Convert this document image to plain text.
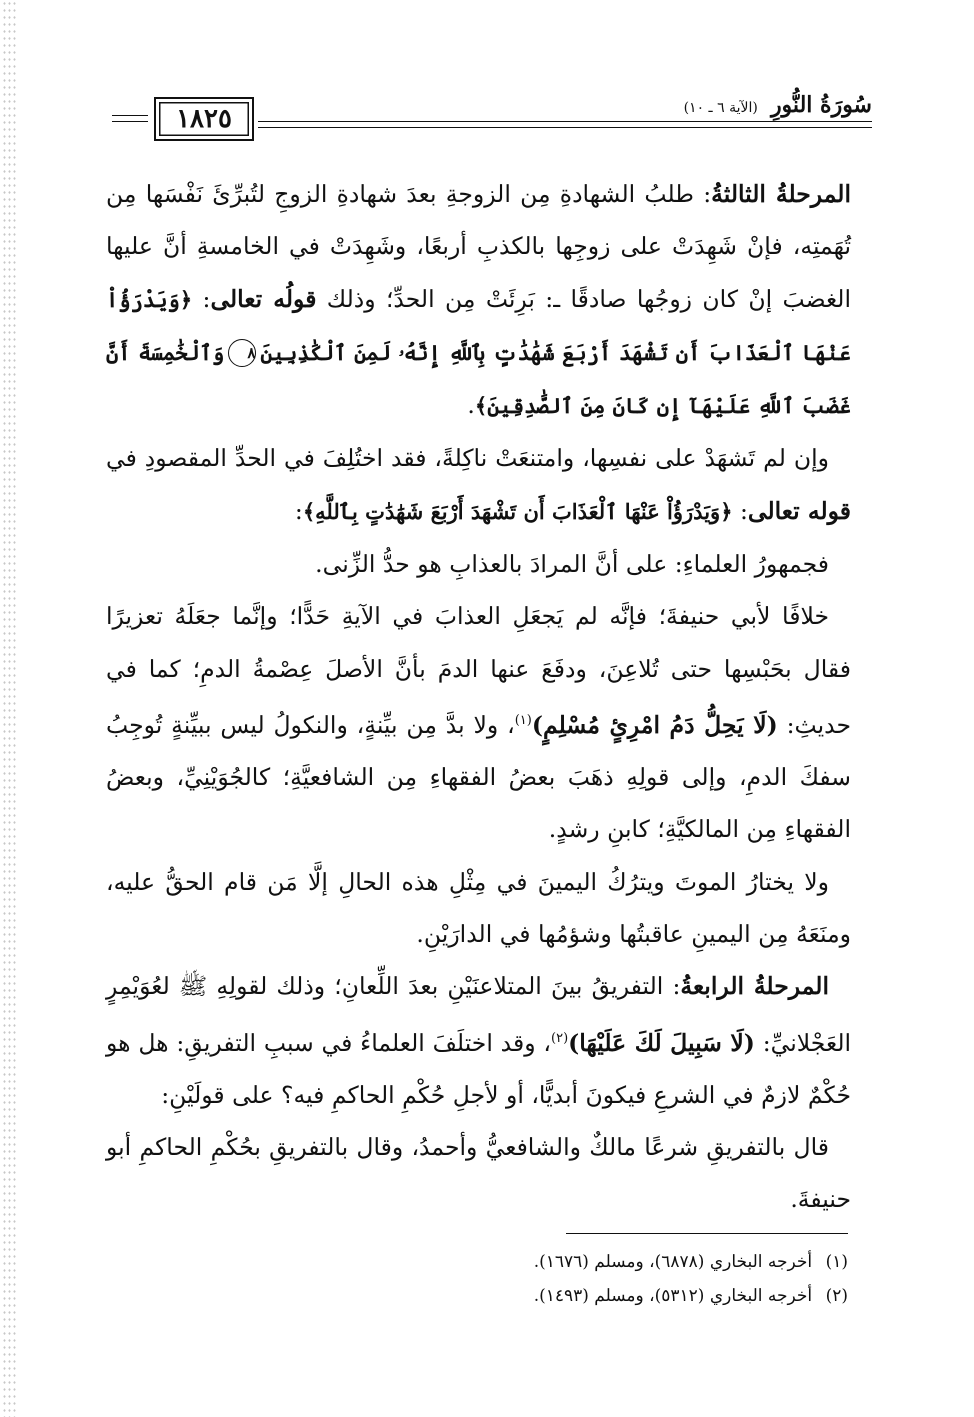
١٨٢٥	سُورَةُ النُّورِ (الآية ٦ ـ ١٠)

المرحلةُ الثالثةُ: طلبُ الشهادةِ مِن الزوجةِ بعدَ شهادةِ الزوجِ لتُبرِّئَ نَفْسَها مِن تُهَمتِه، فإنْ شَهِدَتْ على زوجِها بالكذبِ أربعًا، وشَهِدَتْ في الخامسةِ أنَّ عليها الغضبَ إنْ كان زوجُها صادقًا ـ: بَرِئَتْ مِن الحدِّ؛ وذلك قولُه تعالى: ﴿وَيَدْرَؤُاْ عَنْهَا ٱلْعَذَابَ أَن تَشْهَدَ أَرْبَعَ شَهَٰدَٰتٍ بِٱللَّهِ إِنَّهُۥ لَمِنَ ٱلْكَٰذِبِينَ٨وَٱلْخَٰمِسَةَ أَنَّ غَضَبَ ٱللَّهِ عَلَيْهَآ إِن كَانَ مِنَ ٱلصَّٰدِقِينَ﴾.

وإن لم تَشهَدْ على نفسِها، وامتنعَتْ ناكِلةً، فقد اختُلِفَ في الحدِّ المقصودِ في قوله تعالى: ﴿وَيَدْرَؤُاْ عَنْهَا ٱلْعَذَابَ أَن تَشْهَدَ أَرْبَعَ شَهَٰدَٰتٍ بِٱللَّهِ﴾:

فجمهورُ العلماءِ: على أنَّ المرادَ بالعذابِ هو حدُّ الزِّنى.

خلافًا لأبي حنيفةَ؛ فإنَّه لم يَجعَلِ العذابَ في الآيةِ حَدًّا؛ وإنَّما جعَلَهُ تعزيرًا فقال بحَبْسِها حتى تُلاعِنَ، ودفَعَ عنها الدمَ بأنَّ الأصلَ عِصْمةُ الدمِ؛ كما في حديثِ: (لَا يَحِلُّ دَمُ امْرِئٍ مُسْلِمٍ)$^{(١)}$، ولا بدَّ مِن بيِّنةٍ، والنكولُ ليس ببيِّنةٍ تُوجِبُ سفكَ الدمِ، وإلى قولِهِ ذهَبَ بعضُ الفقهاءِ مِن الشافعيَّةِ؛ كالجُوَيْنِيِّ، وبعضُ الفقهاءِ مِن المالكيَّةِ؛ كابنِ رشدٍ.

ولا يختارُ الموتَ ويترُكُ اليمينَ في مِثْلِ هذه الحالِ إلَّا مَن قام الحقُّ عليه، ومنَعَهُ مِن اليمينِ عاقبتُها وشؤمُها في الدارَيْنِ.

المرحلةُ الرابعةُ: التفريقُ بينَ المتلاعنَيْنِ بعدَ اللِّعانِ؛ وذلك لقولِهِ ﷺ لعُوَيْمِرٍ العَجْلانيِّ: (لَا سَبِيلَ لَكَ عَلَيْهَا)$^{(٢)}$، وقد اختلَفَ العلماءُ في سببِ التفريقِ: هل هو حُكْمٌ لازمٌ في الشرعِ فيكونَ أبديًّا، أو لأجلِ حُكْمِ الحاكمِ فيه؟ على قولَيْنِ:

قال بالتفريقِ شرعًا مالكٌ والشافعيُّ وأحمدُ، وقال بالتفريقِ بحُكْمِ الحاكمِ أبو حنيفةَ.

(١) أخرجه البخاري (٦٨٧٨)، ومسلم (١٦٧٦).
(٢) أخرجه البخاري (٥٣١٢)، ومسلم (١٤٩٣).
